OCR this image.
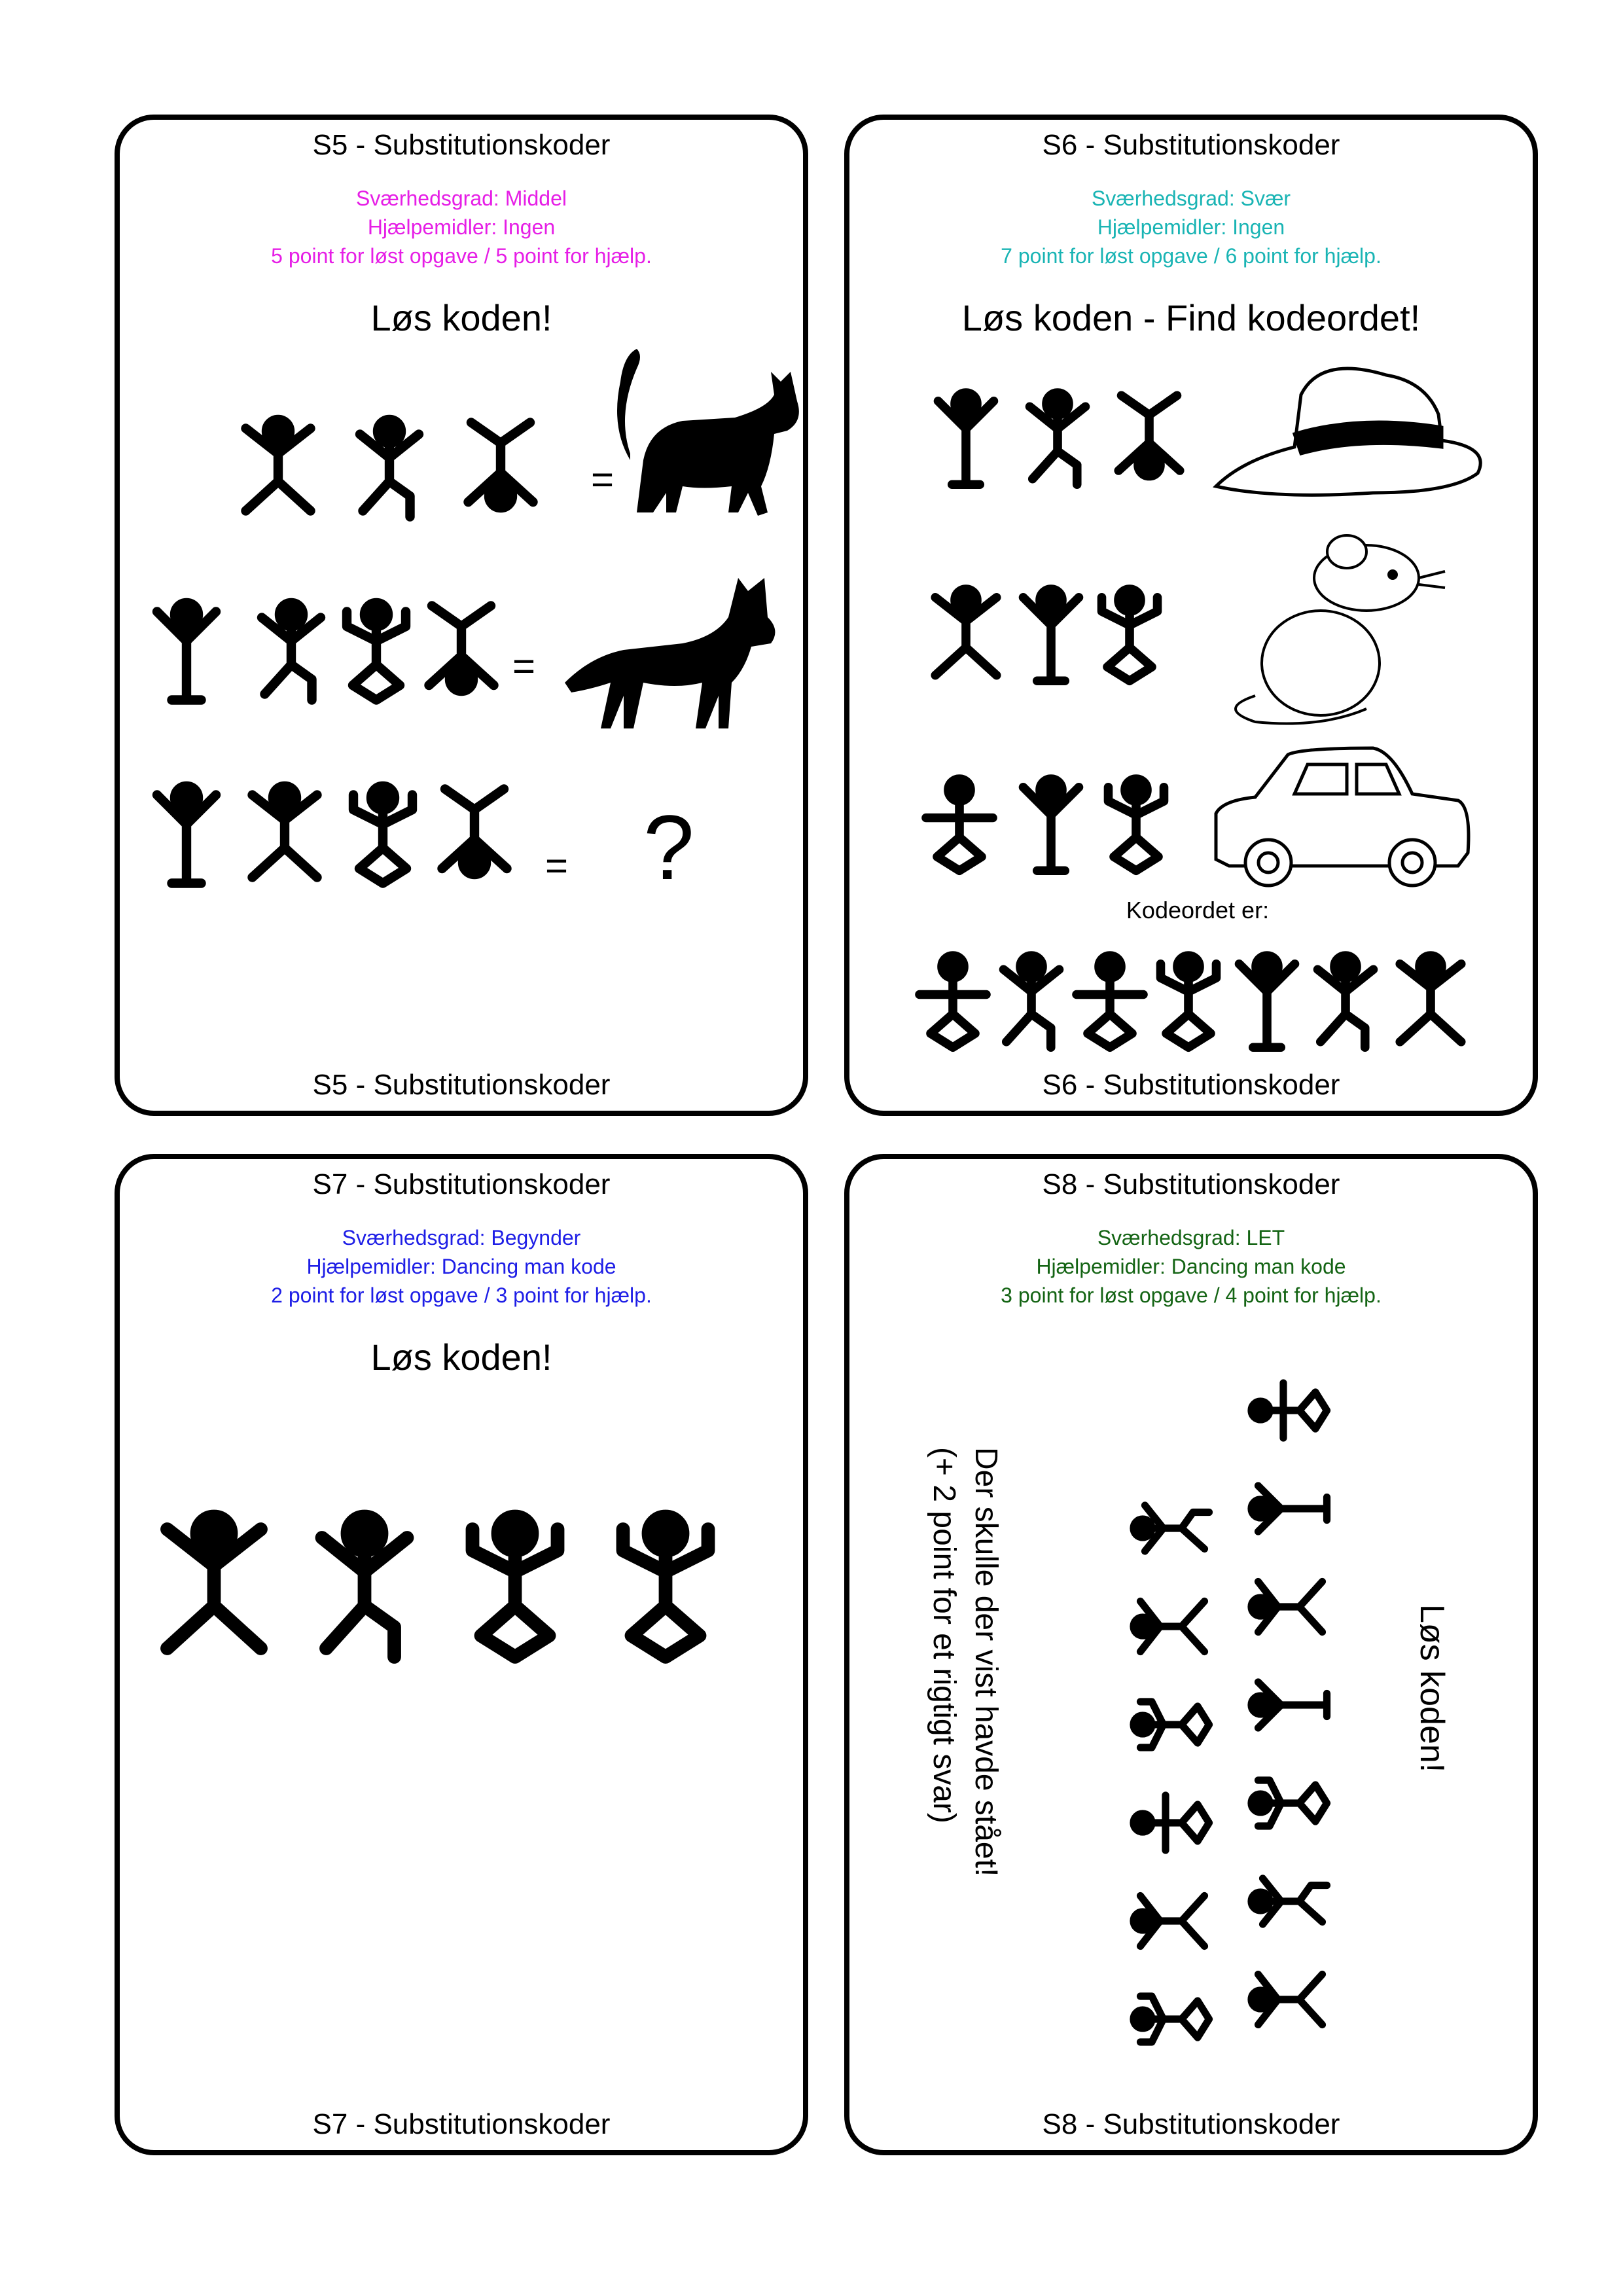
S5 - Substitutionskoder
Sværhedsgrad: Middel
Hjælpemidler: Ingen
5 point for løst opgave / 5 point for hjælp.
Løs koden!
=
=
= ?
S5 - Substitutionskoder
S6 - Substitutionskoder
Sværhedsgrad: Svær
Hjælpemidler: Ingen
7 point for løst opgave / 6 point for hjælp.
Løs koden - Find kodeordet!
Kodeordet er:
S6 - Substitutionskoder
S7 - Substitutionskoder
Sværhedsgrad: Begynder
Hjælpemidler: Dancing man kode
2 point for løst opgave / 3 point for hjælp.
Løs koden!
S7 - Substitutionskoder
S8 - Substitutionskoder
Sværhedsgrad: LET
Hjælpemidler: Dancing man kode
3 point for løst opgave / 4 point for hjælp.
Løs koden!
Der skulle der vist havde stået!
(+ 2 point for et rigtigt svar)
S8 - Substitutionskoder
